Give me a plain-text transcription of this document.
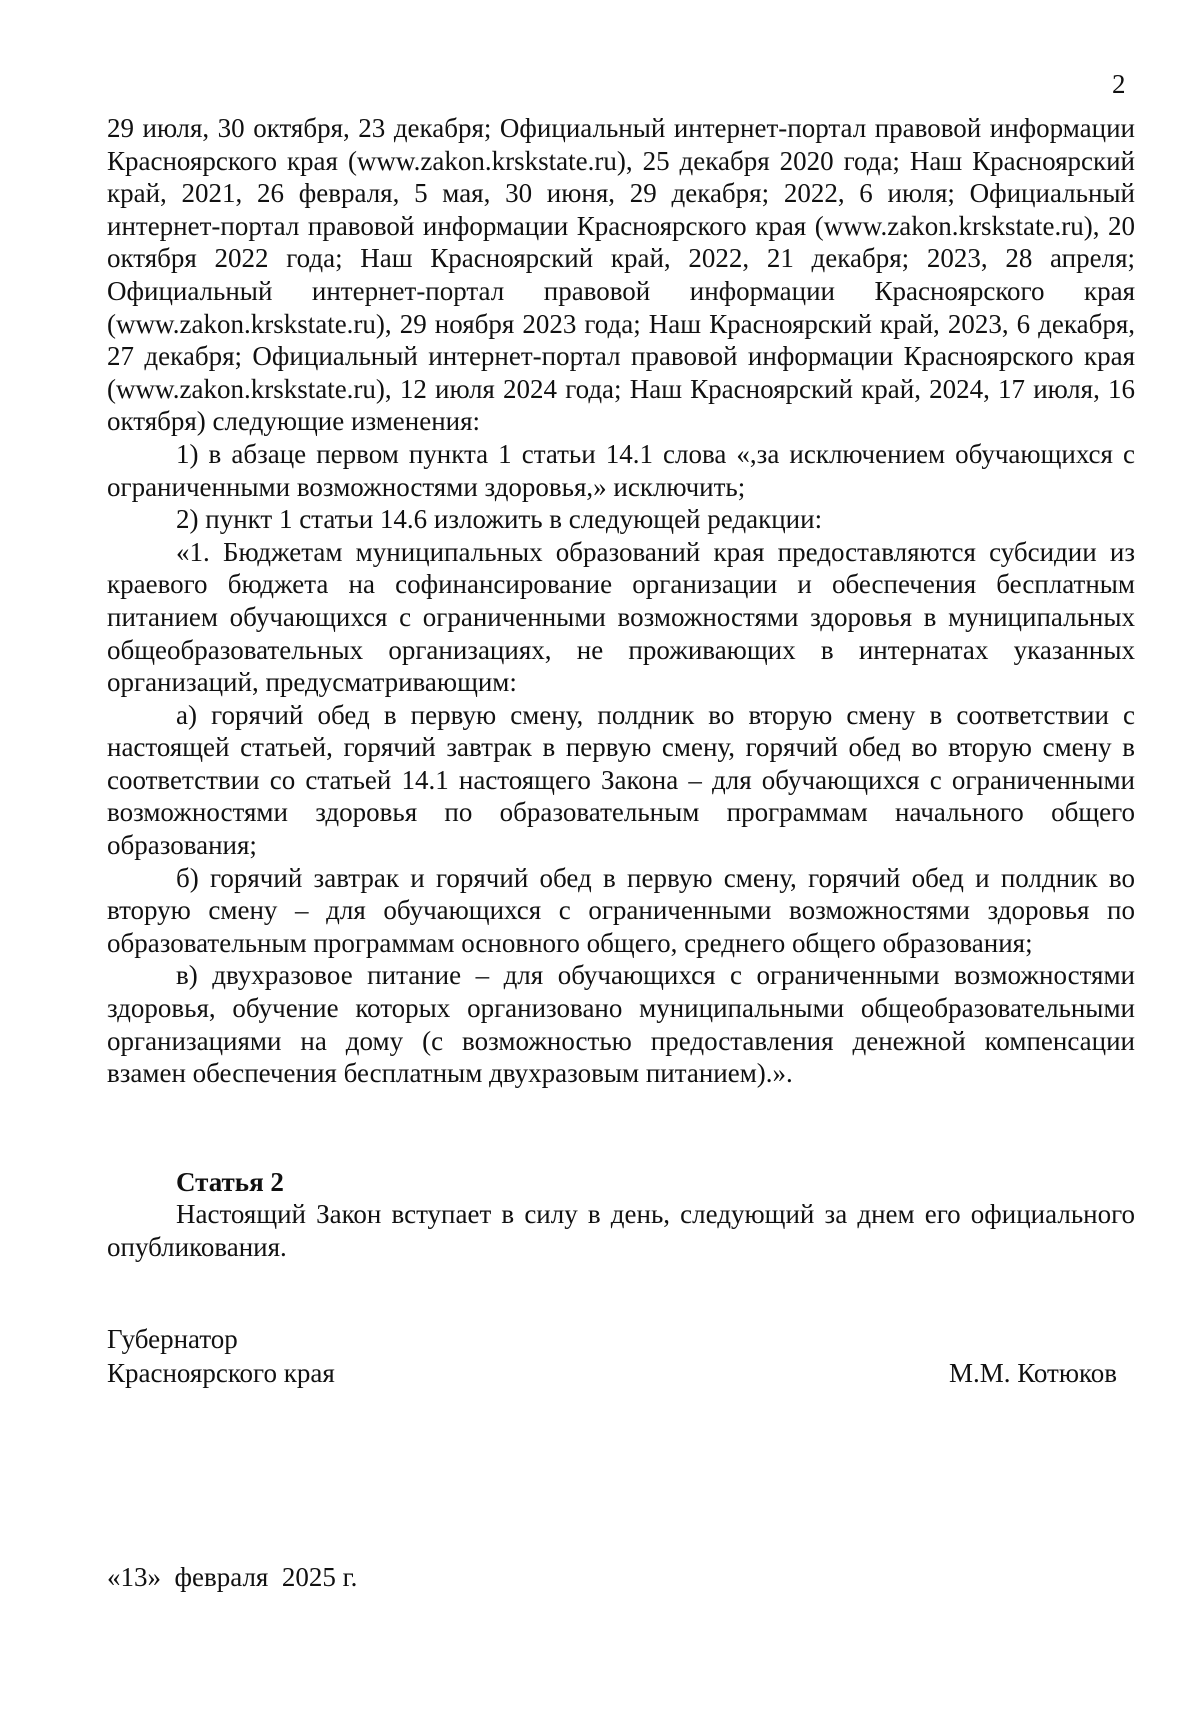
2

29 июля, 30 октября, 23 декабря; Официальный интернет-портал правовой информации Красноярского края (www.zakon.krskstate.ru), 25 декабря 2020 года; Наш Красноярский край, 2021, 26 февраля, 5 мая, 30 июня, 29 декабря; 2022, 6 июля; Официальный интернет-портал правовой информации Красноярского края (www.zakon.krskstate.ru), 20 октября 2022 года; Наш Красноярский край, 2022, 21 декабря; 2023, 28 апреля; Официальный интернет-портал правовой информации Красноярского края (www.zakon.krskstate.ru), 29 ноября 2023 года; Наш Красноярский край, 2023, 6 декабря, 27 декабря; Официальный интернет-портал правовой информации Красноярского края (www.zakon.krskstate.ru), 12 июля 2024 года; Наш Красноярский край, 2024, 17 июля, 16 октября) следующие изменения:

1) в абзаце первом пункта 1 статьи 14.1 слова «,за исключением обучающихся с ограниченными возможностями здоровья,» исключить;

2) пункт 1 статьи 14.6 изложить в следующей редакции:

«1. Бюджетам муниципальных образований края предоставляются субсидии из краевого бюджета на софинансирование организации и обеспечения бесплатным питанием обучающихся с ограниченными возможностями здоровья в муниципальных общеобразовательных организациях, не проживающих в интернатах указанных организаций, предусматривающим:

а) горячий обед в первую смену, полдник во вторую смену в соответствии с настоящей статьей, горячий завтрак в первую смену, горячий обед во вторую смену в соответствии со статьей 14.1 настоящего Закона – для обучающихся с ограниченными возможностями здоровья по образовательным программам начального общего образования;

б) горячий завтрак и горячий обед в первую смену, горячий обед и полдник во вторую смену – для обучающихся с ограниченными возможностями здоровья по образовательным программам основного общего, среднего общего образования;

в) двухразовое питание – для обучающихся с ограниченными возможностями здоровья, обучение которых организовано муниципальными общеобразовательными организациями на дому (с возможностью предоставления денежной компенсации взамен обеспечения бесплатным двухразовым питанием).».

Статья 2

Настоящий Закон вступает в силу в день, следующий за днем его официального опубликования.

Губернатор
Красноярского края	М.М. Котюков
«13»  февраля  2025 г.
